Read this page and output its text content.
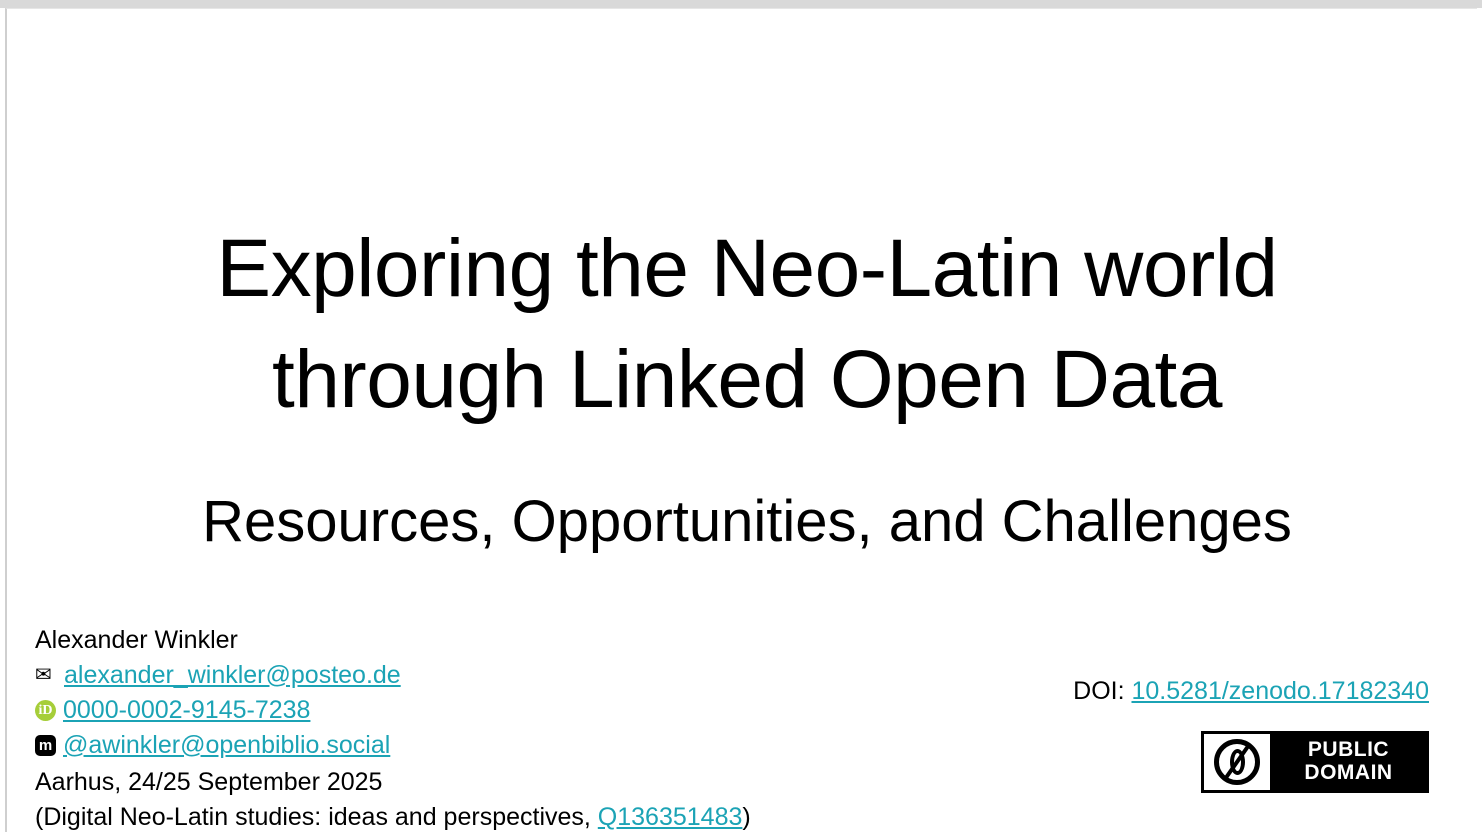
Exploring the Neo-Latin world
through Linked Open Data
Resources, Opportunities, and Challenges
Alexander Winkler
✉ alexander_winkler@posteo.de
iD 0000-0002-9145-7238
m @awinkler@openbiblio.social
Aarhus, 24/25 September 2025
(Digital Neo-Latin studies: ideas and perspectives, Q136351483)
DOI: 10.5281/zenodo.17182340
PUBLIC
DOMAIN
